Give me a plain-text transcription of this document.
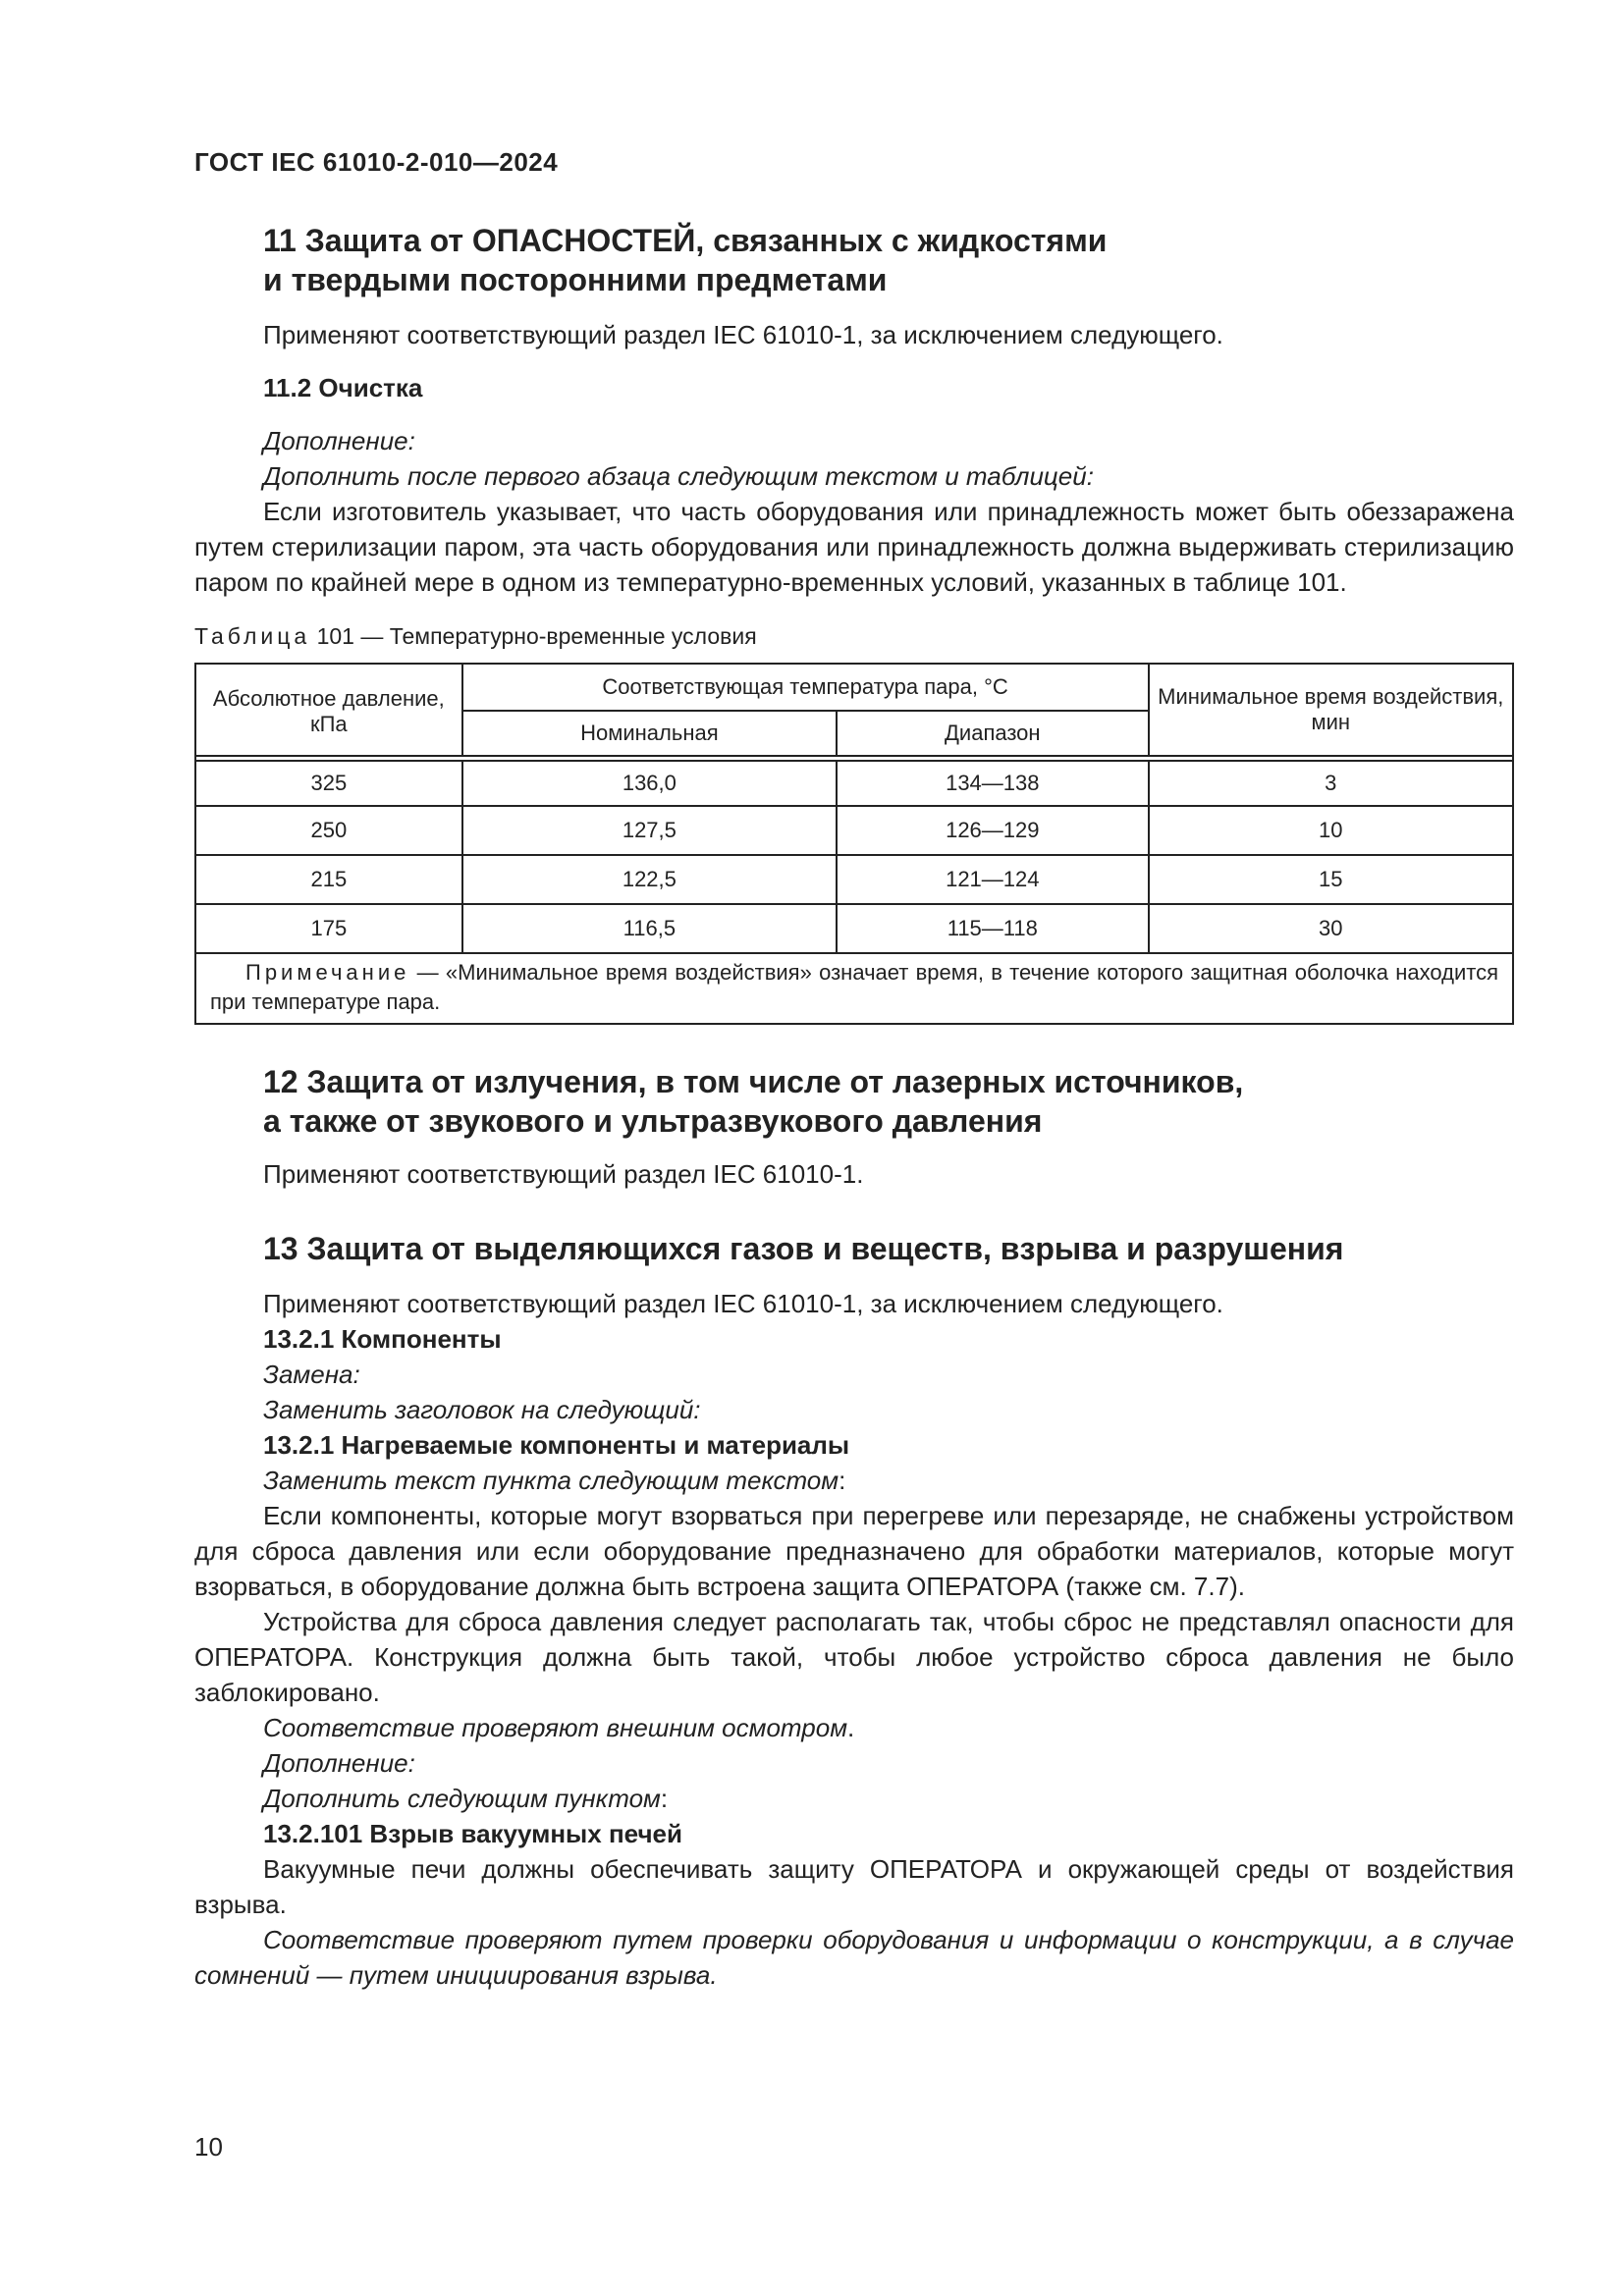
ГОСТ IEC 61010-2-010—2024
11 Защита от ОПАСНОСТЕЙ, связанных с жидкостями
и твердыми посторонними предметами

Применяют соответствующий раздел IEC 61010-1, за исключением следующего.

11.2 Очистка

Дополнение:

Дополнить после первого абзаца следующим текстом и таблицей:

Если изготовитель указывает, что часть оборудования или принадлежность может быть обеззаражена путем стерилизации паром, эта часть оборудования или принадлежность должна выдерживать стерилизацию паром по крайней мере в одном из температурно-временных условий, указанных в таблице 101.

Таблица 101 — Температурно-временные условия

Абсолютное давление, кПа	Соответствующая температура пара, °С		Минимальное время воздействия, мин
	Номинальная	Диапазон	

325	136,0	134—138	3
250	127,5	126—129	10
215	122,5	121—124	15
175	116,5	115—118	30
Примечание — «Минимальное время воздействия» означает время, в течение которого защитная оболочка находится при температуре пара.			
12 Защита от излучения, в том числе от лазерных источников,
а также от звукового и ультразвукового давления

Применяют соответствующий раздел IEC 61010-1.

13 Защита от выделяющихся газов и веществ, взрыва и разрушения

Применяют соответствующий раздел IEC 61010-1, за исключением следующего.

13.2.1 Компоненты

Замена:

Заменить заголовок на следующий:

13.2.1 Нагреваемые компоненты и материалы

Заменить текст пункта следующим текстом:

Если компоненты, которые могут взорваться при перегреве или перезаряде, не снабжены устройством для сброса давления или если оборудование предназначено для обработки материалов, которые могут взорваться, в оборудование должна быть встроена защита ОПЕРАТОРА (также см. 7.7).

Устройства для сброса давления следует располагать так, чтобы сброс не представлял опасности для ОПЕРАТОРА. Конструкция должна быть такой, чтобы любое устройство сброса давления не было заблокировано.

Соответствие проверяют внешним осмотром.

Дополнение:

Дополнить следующим пунктом:

13.2.101 Взрыв вакуумных печей

Вакуумные печи должны обеспечивать защиту ОПЕРАТОРА и окружающей среды от воздействия взрыва.

Соответствие проверяют путем проверки оборудования и информации о конструкции, а в случае сомнений — путем инициирования взрыва.

10
